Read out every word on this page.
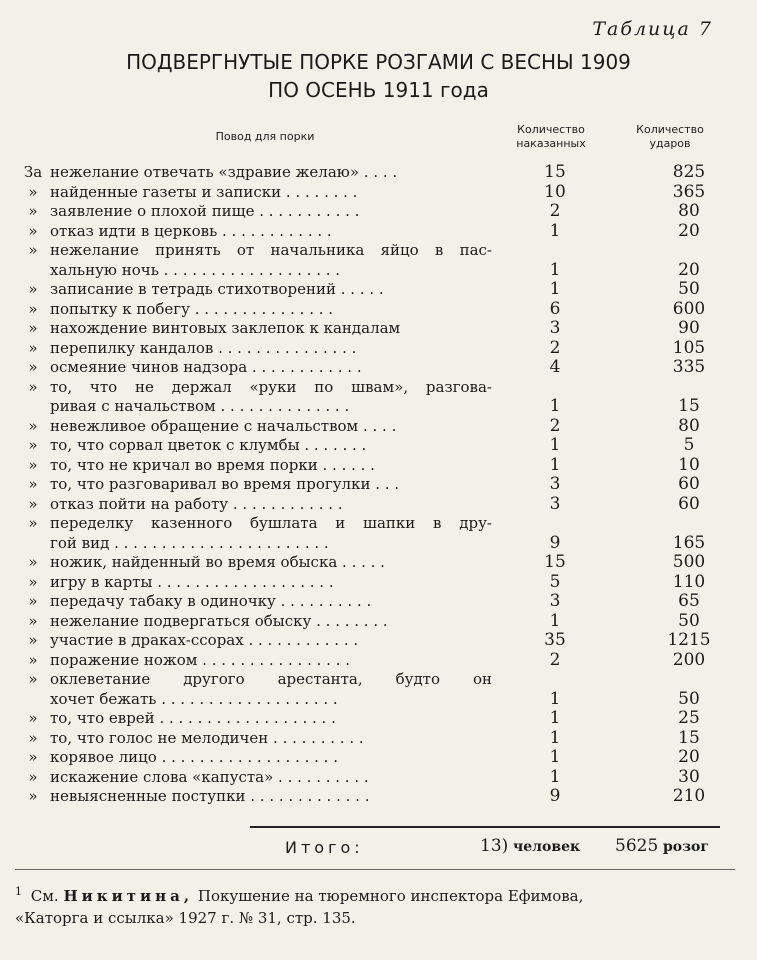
Таблица 7
ПОДВЕРГНУТЫЕ ПОРКЕ РОЗГАМИ С ВЕСНЫ 1909
ПО ОСЕНЬ 1911 года
Повод для порки
Количество
наказанных
Количество
ударов
За нежелание отвечать «здравие желаю» . . . .	15	825
» найденные газеты и записки . . . . . . . .	10	365
» заявление о плохой пище . . . . . . . . . . .	2	80
» отказ идти в церковь . . . . . . . . . . . .	1	20
» нежелание принять от начальника яйцо в пас-
хальную ночь . . . . . . . . . . . . . . . . . . .	1	20
» записание в тетрадь стихотворений . . . . .	1	50
» попытку к побегу . . . . . . . . . . . . . . .	6	600
» нахождение винтовых заклепок к кандалам	3	90
» перепилку кандалов . . . . . . . . . . . . . . .	2	105
» осмеяние чинов надзора . . . . . . . . . . . .	4	335
» то, что не держал «руки по швам», разгова-
ривая с начальством . . . . . . . . . . . . . .	1	15
» невежливое обращение с начальством . . . .	2	80
» то, что сорвал цветок с клумбы . . . . . . .	1	5
» то, что не кричал во время порки . . . . . .	1	10
» то, что разговаривал во время прогулки . . .	3	60
» отказ пойти на работу . . . . . . . . . . . .	3	60
» переделку казенного бушлата и шапки в дру-
гой вид . . . . . . . . . . . . . . . . . . . . . . .	9	165
» ножик, найденный во время обыска . . . . .	15	500
» игру в карты . . . . . . . . . . . . . . . . . . .	5	110
» передачу табаку в одиночку . . . . . . . . . .	3	65
» нежелание подвергаться обыску . . . . . . . .	1	50
» участие в драках-ссорах . . . . . . . . . . . .	35	1215
» поражение ножом . . . . . . . . . . . . . . . .	2	200
» оклеветание другого арестанта, будто он
хочет бежать . . . . . . . . . . . . . . . . . . .	1	50
» то, что еврей . . . . . . . . . . . . . . . . . . .	1	25
» то, что голос не мелодичен . . . . . . . . . .	1	15
» корявое лицо . . . . . . . . . . . . . . . . . . .	1	20
» искажение слова «капуста» . . . . . . . . . .	1	30
» невыясненные поступки . . . . . . . . . . . . .	9	210
Итого:	13) человек 5625 розог
$^1$ См. Никитина, Покушение на тюремного инспектора Ефимова,
«Каторга и ссылка» 1927 г. № 31, стр. 135.
